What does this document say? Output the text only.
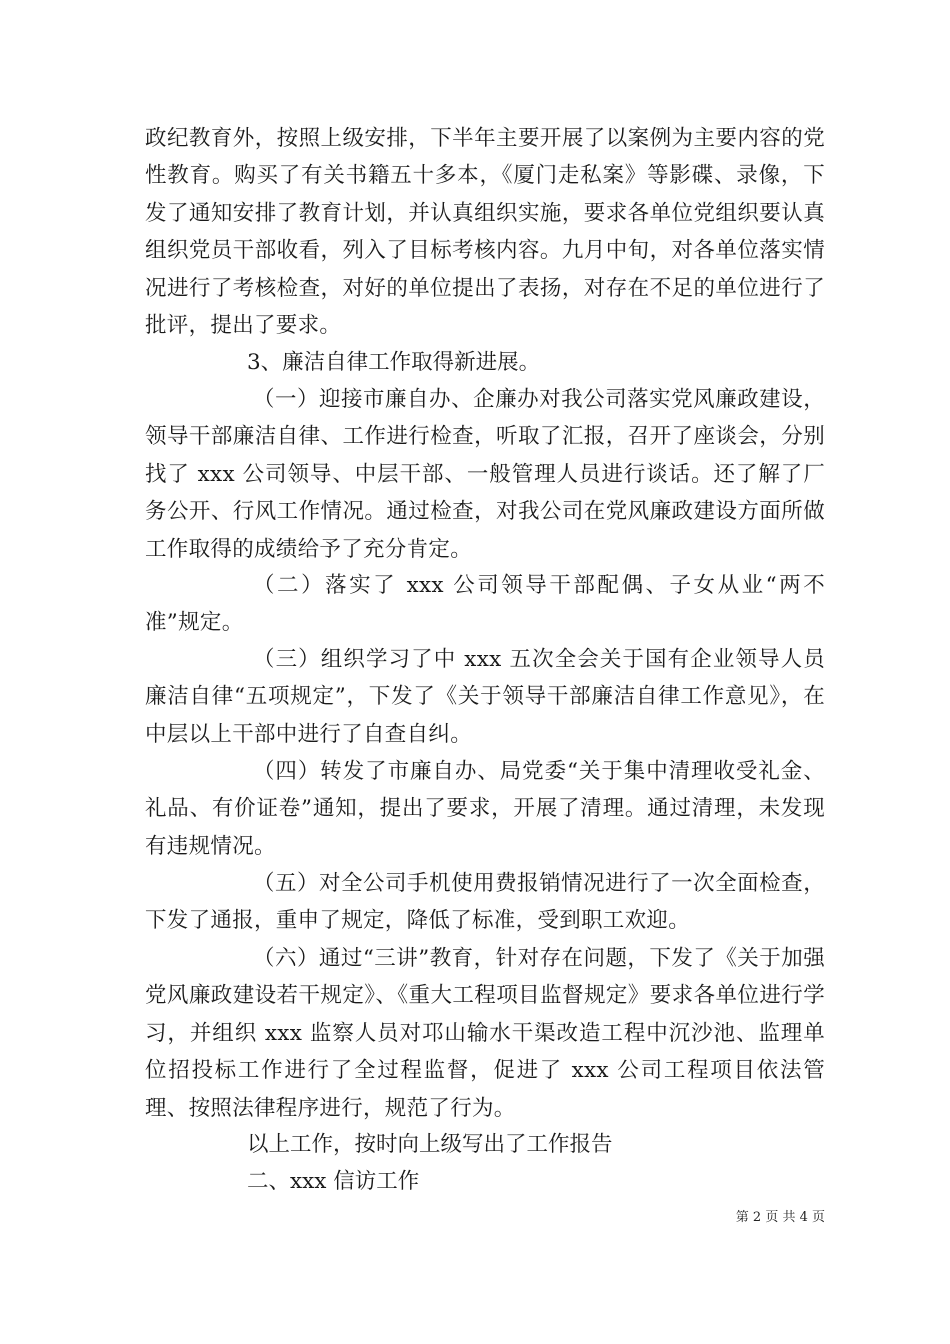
政纪教育外，按照上级安排，下半年主要开展了以案例为主要内容的党性教育。购买了有关书籍五十多本，《厦门走私案》等影碟、录像，下发了通知安排了教育计划，并认真组织实施，要求各单位党组织要认真组织党员干部收看，列入了目标考核内容。九月中旬，对各单位落实情况进行了考核检查，对好的单位提出了表扬，对存在不足的单位进行了批评，提出了要求。

3、廉洁自律工作取得新进展。

（一）迎接市廉自办、企廉办对我公司落实党风廉政建设，领导干部廉洁自律、工作进行检查，听取了汇报，召开了座谈会，分别找了 xxx 公司领导、中层干部、一般管理人员进行谈话。还了解了厂务公开、行风工作情况。通过检查，对我公司在党风廉政建设方面所做工作取得的成绩给予了充分肯定。

（二）落实了 xxx 公司领导干部配偶、子女从业“两不准”规定。

（三）组织学习了中 xxx 五次全会关于国有企业领导人员廉洁自律“五项规定”，下发了《关于领导干部廉洁自律工作意见》，在中层以上干部中进行了自查自纠。

（四）转发了市廉自办、局党委“关于集中清理收受礼金、礼品、有价证卷”通知，提出了要求，开展了清理。通过清理，未发现有违规情况。

（五）对全公司手机使用费报销情况进行了一次全面检查，下发了通报，重申了规定，降低了标准，受到职工欢迎。

（六）通过“三讲”教育，针对存在问题，下发了《关于加强党风廉政建设若干规定》、《重大工程项目监督规定》要求各单位进行学习，并组织 xxx 监察人员对邛山输水干渠改造工程中沉沙池、监理单位招投标工作进行了全过程监督，促进了 xxx 公司工程项目依法管理、按照法律程序进行，规范了行为。

以上工作，按时向上级写出了工作报告

二、xxx 信访工作

第 2 页 共 4 页
